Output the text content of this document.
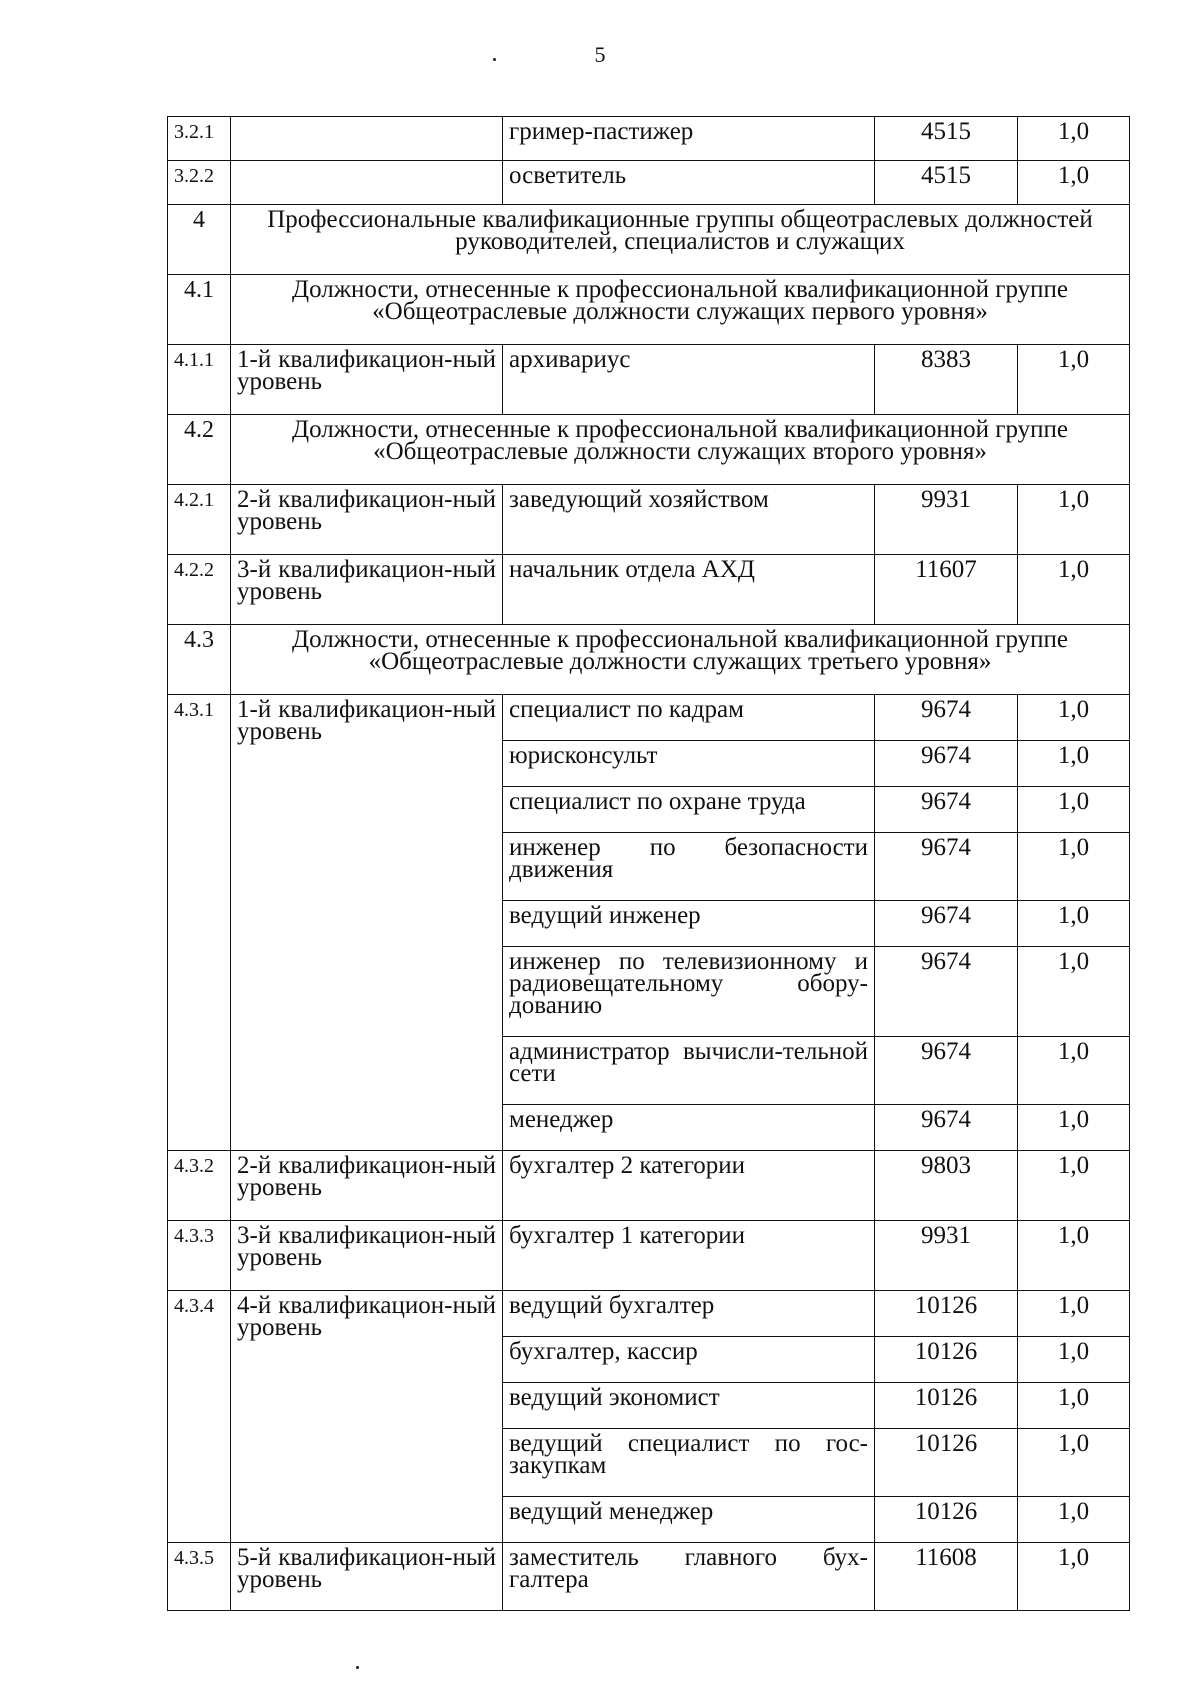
5
3.2.1		гример-пастижер	4515	1,0
3.2.2		осветитель	4515	1,0
4	Профессиональные квалификационные группы общеотраслевых должностей руководителей, специалистов и служащих			
4.1	Должности, отнесенные к профессиональной квалификационной группе «Общеотраслевые должности служащих первого уровня»			
4.1.1	1-й квалификацион-ный уровень	архивариус	8383	1,0
4.2	Должности, отнесенные к профессиональной квалификационной группе «Общеотраслевые должности служащих второго уровня»			
4.2.1	2-й квалификацион-ный уровень	заведующий хозяйством	9931	1,0
4.2.2	3-й квалификацион-ный уровень	начальник отдела АХД	11607	1,0
4.3	Должности, отнесенные к профессиональной квалификационной группе «Общеотраслевые должности служащих третьего уровня»			
4.3.1	1-й квалификацион-ный уровень	специалист по кадрам	9674	1,0
		юрисконсульт	9674	1,0
		специалист по охране труда	9674	1,0
		инженер по безопасности движения	9674	1,0
		ведущий инженер	9674	1,0
		инженер по телевизионному и радиовещательному обору-дованию	9674	1,0
		администратор вычисли-тельной сети	9674	1,0
		менеджер	9674	1,0
4.3.2	2-й квалификацион-ный уровень	бухгалтер 2 категории	9803	1,0
4.3.3	3-й квалификацион-ный уровень	бухгалтер 1 категории	9931	1,0
4.3.4	4-й квалификацион-ный уровень	ведущий бухгалтер	10126	1,0
		бухгалтер, кассир	10126	1,0
		ведущий экономист	10126	1,0
		ведущий специалист по гос-закупкам	10126	1,0
		ведущий менеджер	10126	1,0
4.3.5	5-й квалификацион-ный уровень	заместитель главного бух-галтера	11608	1,0
